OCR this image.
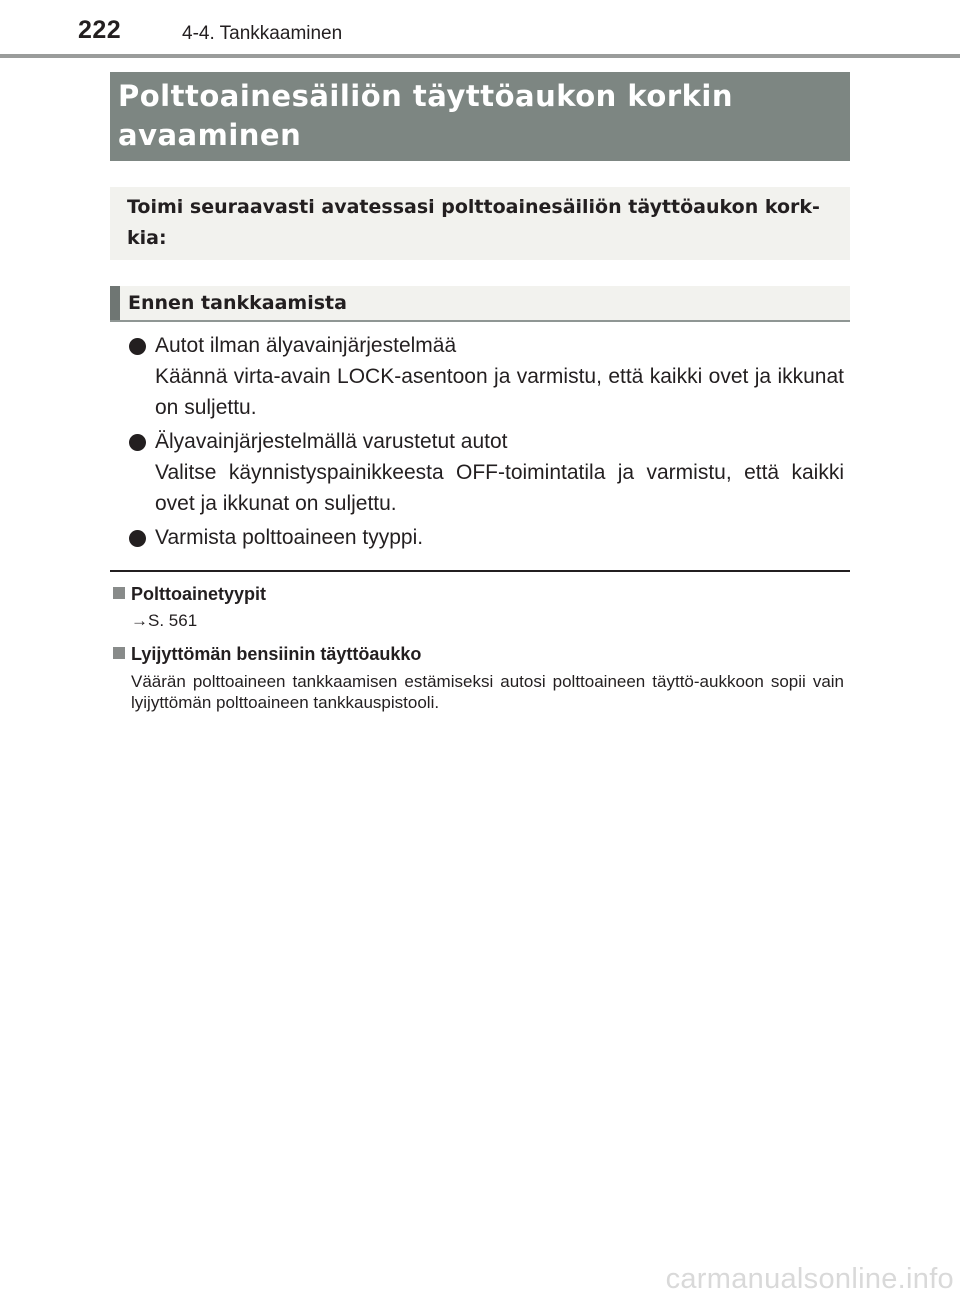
222	4-4. Tankkaaminen
Polttoainesäiliön täyttöaukon korkin avaaminen
Toimi seuraavasti avatessasi polttoainesäiliön täyttöaukon kork-kia:
Ennen tankkaamista
Autot ilman älyavainjärjestelmää
Käännä virta-avain LOCK-asentoon ja varmistu, että kaikki ovet ja ikkunat on suljettu.
Älyavainjärjestelmällä varustetut autot
Valitse käynnistyspainikkeesta OFF-toimintatila ja varmistu, että kaikki ovet ja ikkunat on suljettu.
Varmista polttoaineen tyyppi.
Polttoainetyypit
→S. 561
Lyijyttömän bensiinin täyttöaukko
Väärän polttoaineen tankkaamisen estämiseksi autosi polttoaineen täyttö-aukkoon sopii vain lyijyttömän polttoaineen tankkauspistooli.
carmanualsonline.info
